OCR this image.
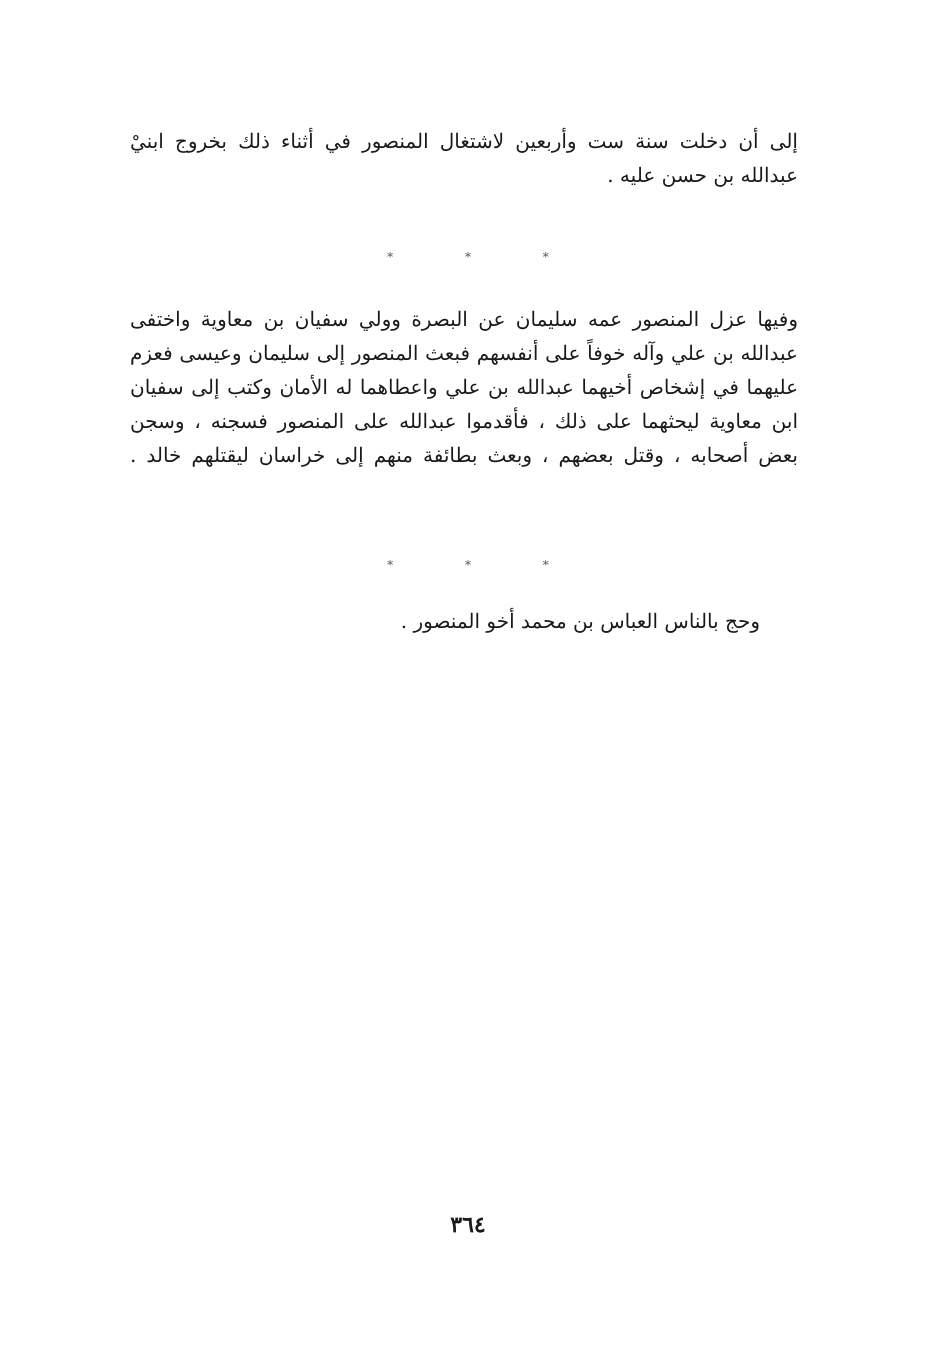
إلى أن دخلت سنة ست وأربعين لاشتغال المنصور في أثناء ذلك بخروج ابنيْ
عبدالله بن حسن عليه .
* * *
وفيها عزل المنصور عمه سليمان عن البصرة وولي سفيان بن معاوية واختفى
عبدالله بن علي وآله خوفاً على أنفسهم فبعث المنصور إلى سليمان وعيسى فعزم
عليهما في إشخاص أخيهما عبدالله بن علي واعطاهما له الأمان وكتب إلى سفيان
ابن معاوية ليحثهما على ذلك ، فأقدموا عبدالله على المنصور فسجنه ، وسجن
بعض أصحابه ، وقتل بعضهم ، وبعث بطائفة منهم إلى خراسان ليقتلهم خالد .
* * *
وحج بالناس العباس بن محمد أخو المنصور .
٣٦٤
